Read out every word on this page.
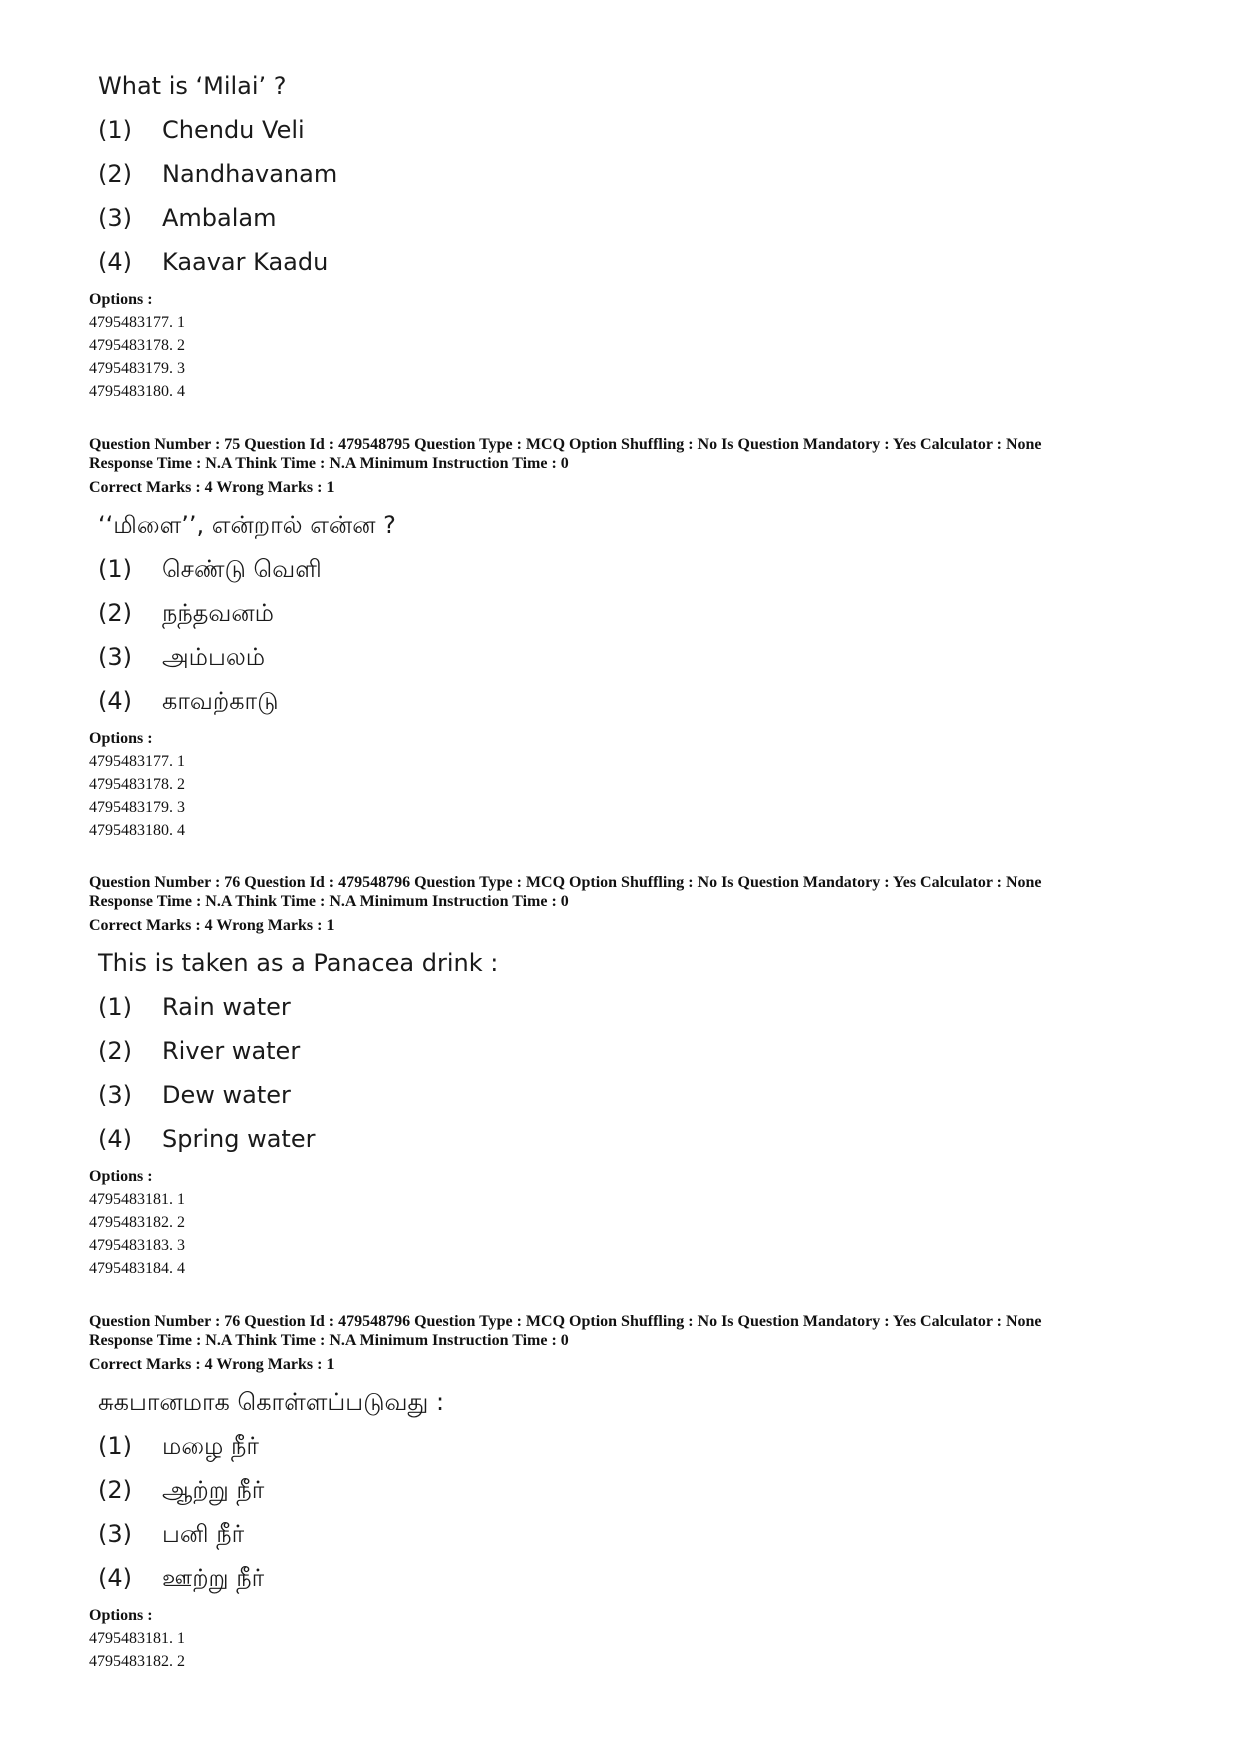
What is ‘Milai’ ?
(1) Chendu Veli
(2) Nandhavanam
(3) Ambalam
(4) Kaavar Kaadu
Options :
4795483177. 1
4795483178. 2
4795483179. 3
4795483180. 4
Question Number : 75 Question Id : 479548795 Question Type : MCQ Option Shuffling : No Is Question Mandatory : Yes Calculator : None
Response Time : N.A Think Time : N.A Minimum Instruction Time : 0
Correct Marks : 4 Wrong Marks : 1
‘‘மிளை’’, என்றால் என்ன ?
(1) செண்டு வெளி
(2) நந்தவனம்
(3) அம்பலம்
(4) காவற்காடு
Options :
4795483177. 1
4795483178. 2
4795483179. 3
4795483180. 4
Question Number : 76 Question Id : 479548796 Question Type : MCQ Option Shuffling : No Is Question Mandatory : Yes Calculator : None
Response Time : N.A Think Time : N.A Minimum Instruction Time : 0
Correct Marks : 4 Wrong Marks : 1
This is taken as a Panacea drink :
(1) Rain water
(2) River water
(3) Dew water
(4) Spring water
Options :
4795483181. 1
4795483182. 2
4795483183. 3
4795483184. 4
Question Number : 76 Question Id : 479548796 Question Type : MCQ Option Shuffling : No Is Question Mandatory : Yes Calculator : None
Response Time : N.A Think Time : N.A Minimum Instruction Time : 0
Correct Marks : 4 Wrong Marks : 1
சுகபானமாக கொள்ளப்படுவது :
(1) மழை நீர்
(2) ஆற்று நீர்
(3) பனி நீர்
(4) ஊற்று நீர்
Options :
4795483181. 1
4795483182. 2
